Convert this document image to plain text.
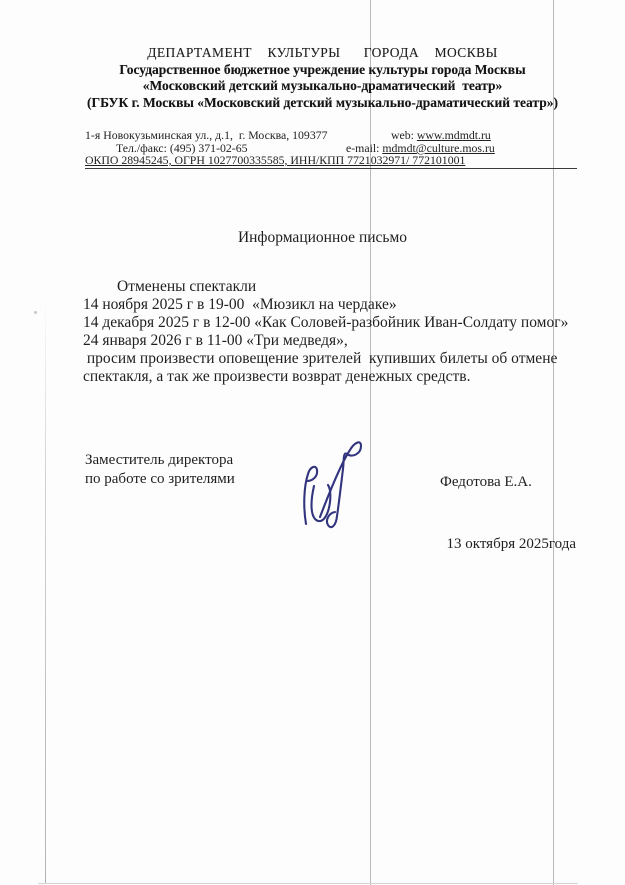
ДЕПАРТАМЕНТ  КУЛЬТУРЫ   ГОРОДА  МОСКВЫ
Государственное бюджетное учреждение культуры города Москвы
«Московский детский музыкально-драматический  театр»
(ГБУК г. Москвы «Московский детский музыкально-драматический театр»)
1-я Новокузьминская ул., д.1,  г. Москва, 109377	web: www.mdmdt.ru
Тел./факс: (495) 371-02-65	e-mail: mdmdt@culture.mos.ru
ОКПО 28945245, ОГРН 1027700335585, ИНН/КПП 7721032971/ 772101001
Информационное письмо
Отменены спектакли
14 ноября 2025 г в 19-00  «Мюзикл на чердаке»
14 декабря 2025 г в 12-00 «Как Соловей-разбойник Иван-Солдату помог»
24 января 2026 г в 11-00 «Три медведя»,
просим произвести оповещение зрителей  купивших билеты об отмене
спектакля, а так же произвести возврат денежных средств.
Заместитель директора
по работе со зрителями	Федотова Е.А.
13 октября 2025года
